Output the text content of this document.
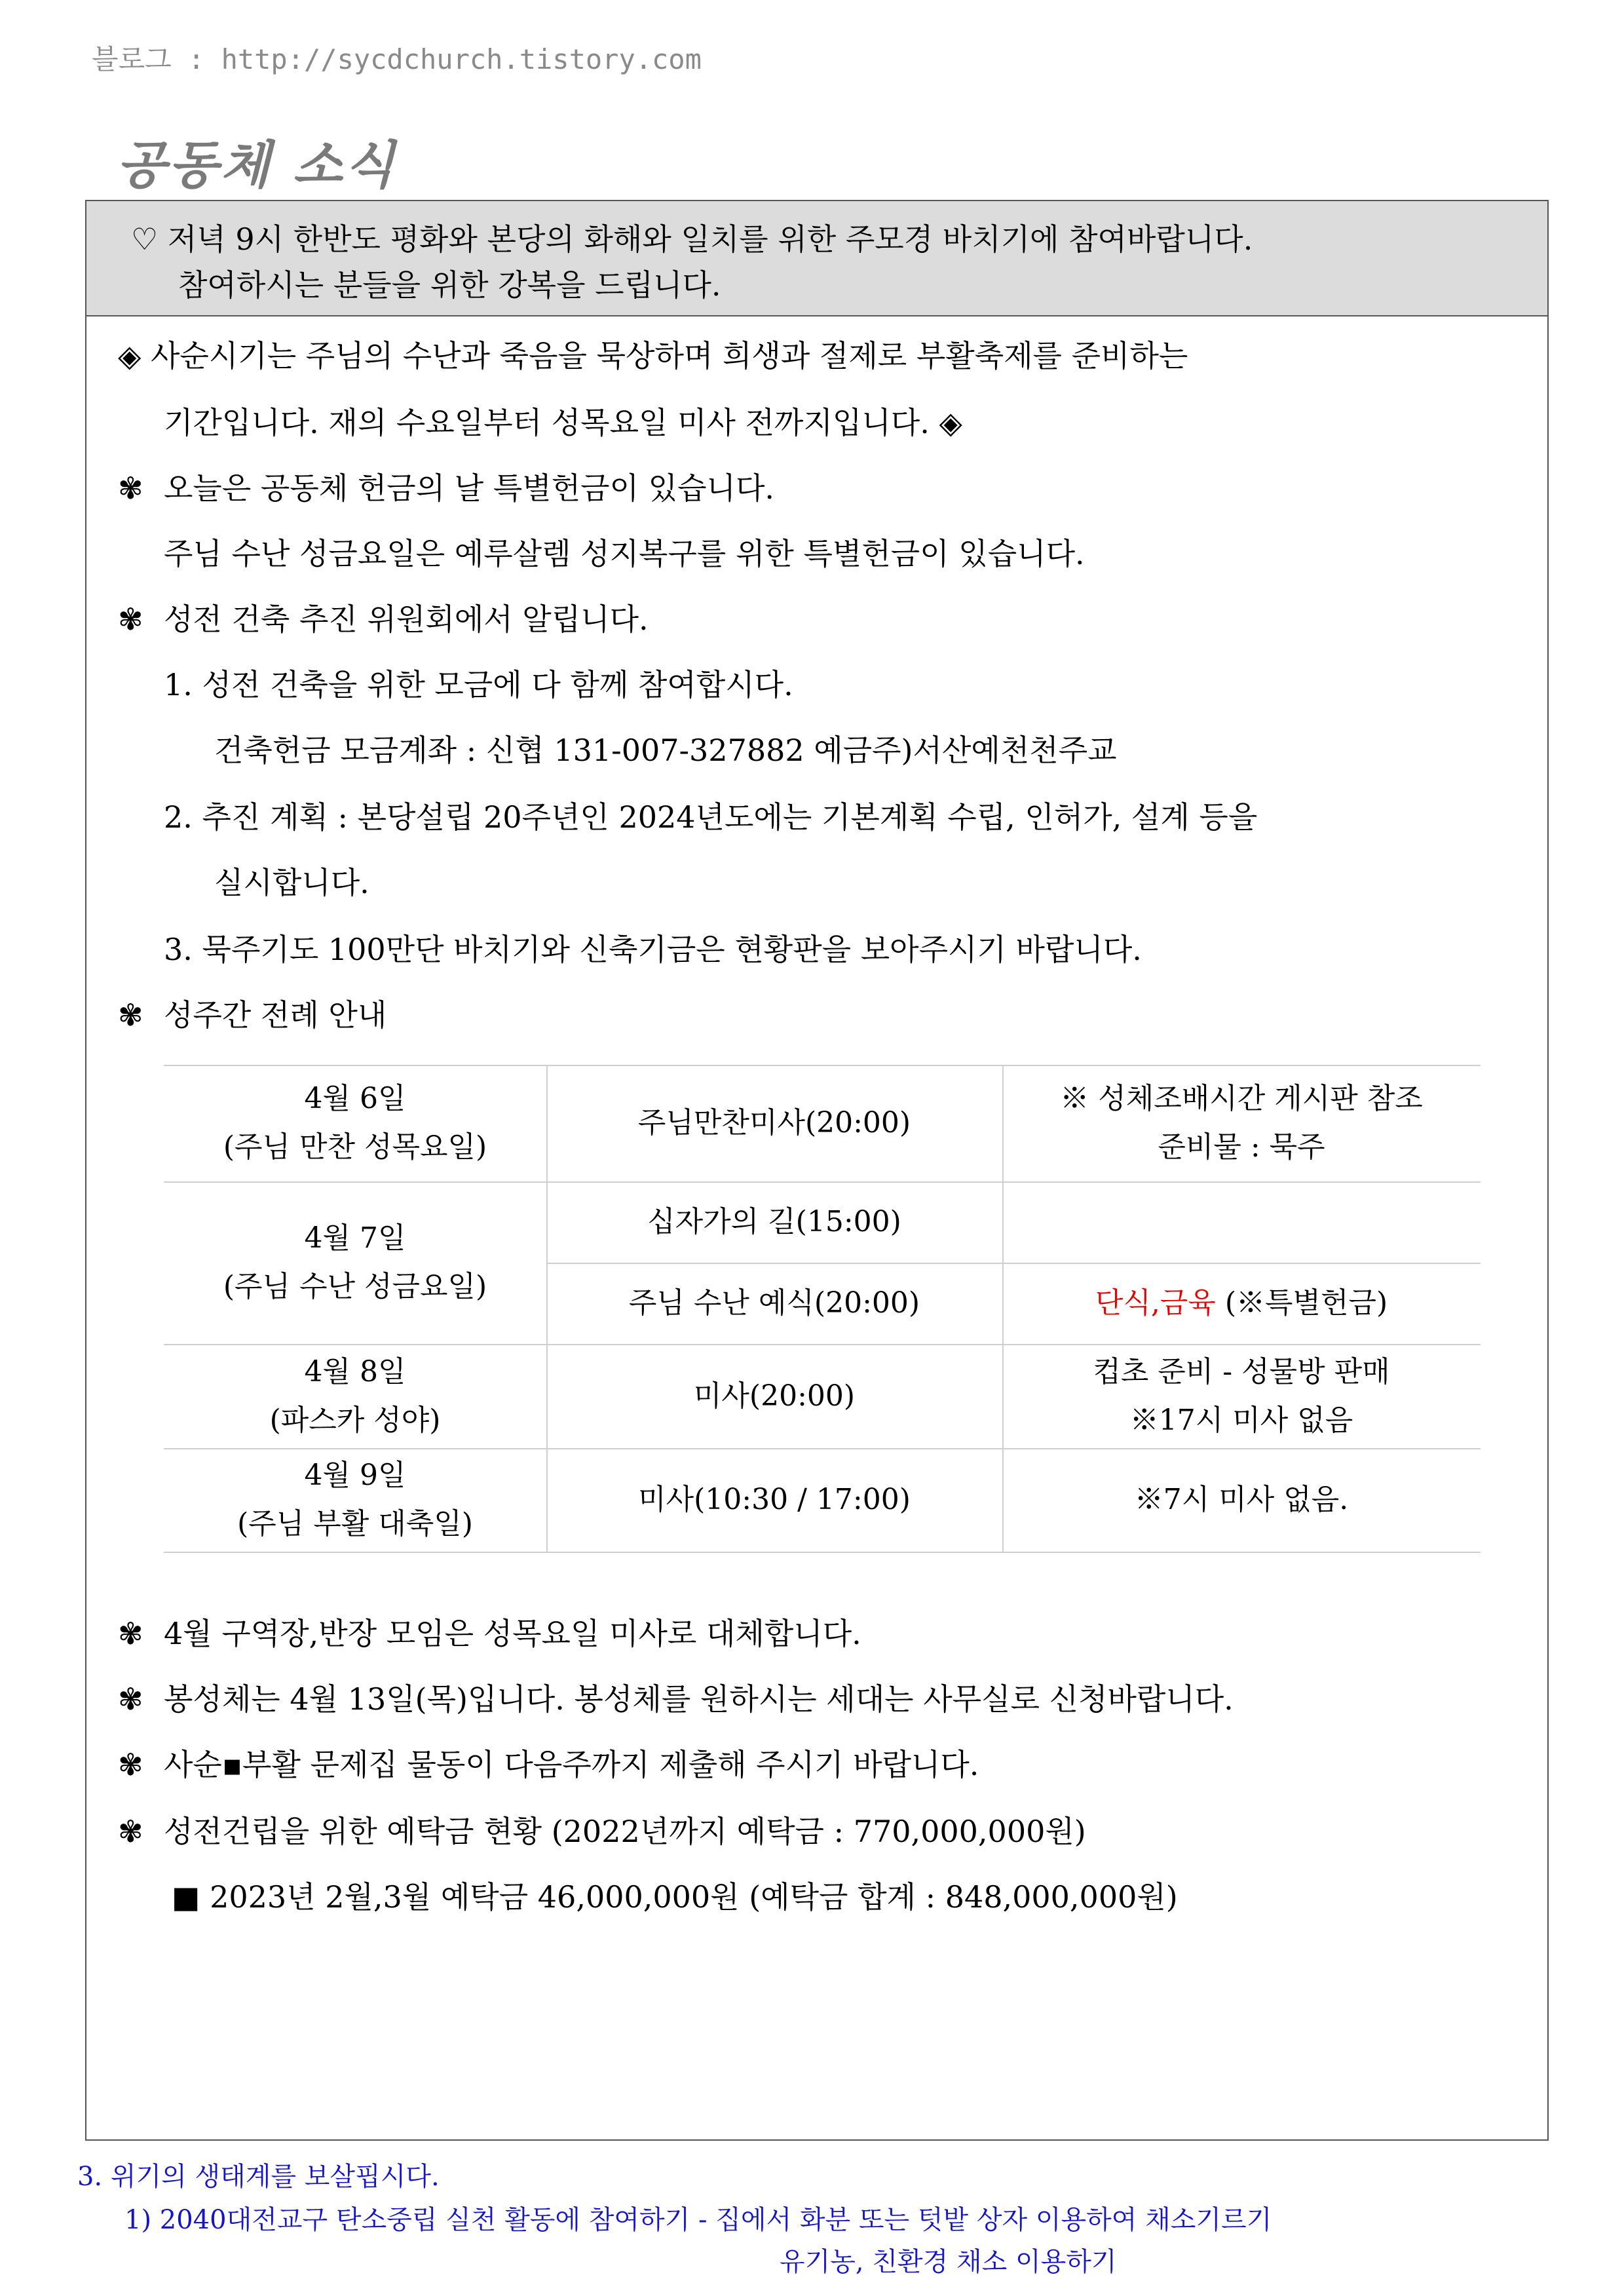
블로그 : http://sycdchurch.tistory.com
공동체 소식
♡ 저녁 9시 한반도 평화와 본당의 화해와 일치를 위한 주모경 바치기에 참여바랍니다.
참여하시는 분들을 위한 강복을 드립니다.
◈ 사순시기는 주님의 수난과 죽음을 묵상하며 희생과 절제로 부활축제를 준비하는
기간입니다. 재의 수요일부터 성목요일 미사 전까지입니다. ◈
✾ 오늘은 공동체 헌금의 날 특별헌금이 있습니다.
주님 수난 성금요일은 예루살렘 성지복구를 위한 특별헌금이 있습니다.
✾ 성전 건축 추진 위원회에서 알립니다.
1. 성전 건축을 위한 모금에 다 함께 참여합시다.
건축헌금 모금계좌 : 신협 131-007-327882 예금주)서산예천천주교
2. 추진 계획 : 본당설립 20주년인 2024년도에는 기본계획 수립, 인허가, 설계 등을
실시합니다.
3. 묵주기도 100만단 바치기와 신축기금은 현황판을 보아주시기 바랍니다.
✾ 성주간 전례 안내
✾ 4월 구역장,반장 모임은 성목요일 미사로 대체합니다.
✾ 봉성체는 4월 13일(목)입니다. 봉성체를 원하시는 세대는 사무실로 신청바랍니다.
✾ 사순▪부활 문제집 물동이 다음주까지 제출해 주시기 바랍니다.
✾ 성전건립을 위한 예탁금 현황 (2022년까지 예탁금 : 770,000,000원)
■ 2023년 2월,3월 예탁금 46,000,000원 (예탁금 합계 : 848,000,000원)
4월 6일
(주님 만찬 성목요일)
주님만찬미사(20:00)
※ 성체조배시간 게시판 참조
준비물 : 묵주
4월 7일
(주님 수난 성금요일)
십자가의 길(15:00)
주님 수난 예식(20:00)	단식,금육 (※특별헌금)
4월 8일
(파스카 성야)
미사(20:00)
컵초 준비 - 성물방 판매
※17시 미사 없음
4월 9일
(주님 부활 대축일)
미사(10:30 / 17:00)	※7시 미사 없음.
3. 위기의 생태계를 보살핍시다.
1) 2040대전교구 탄소중립 실천 활동에 참여하기 - 집에서 화분 또는 텃밭 상자 이용하여 채소기르기
유기농, 친환경 채소 이용하기
